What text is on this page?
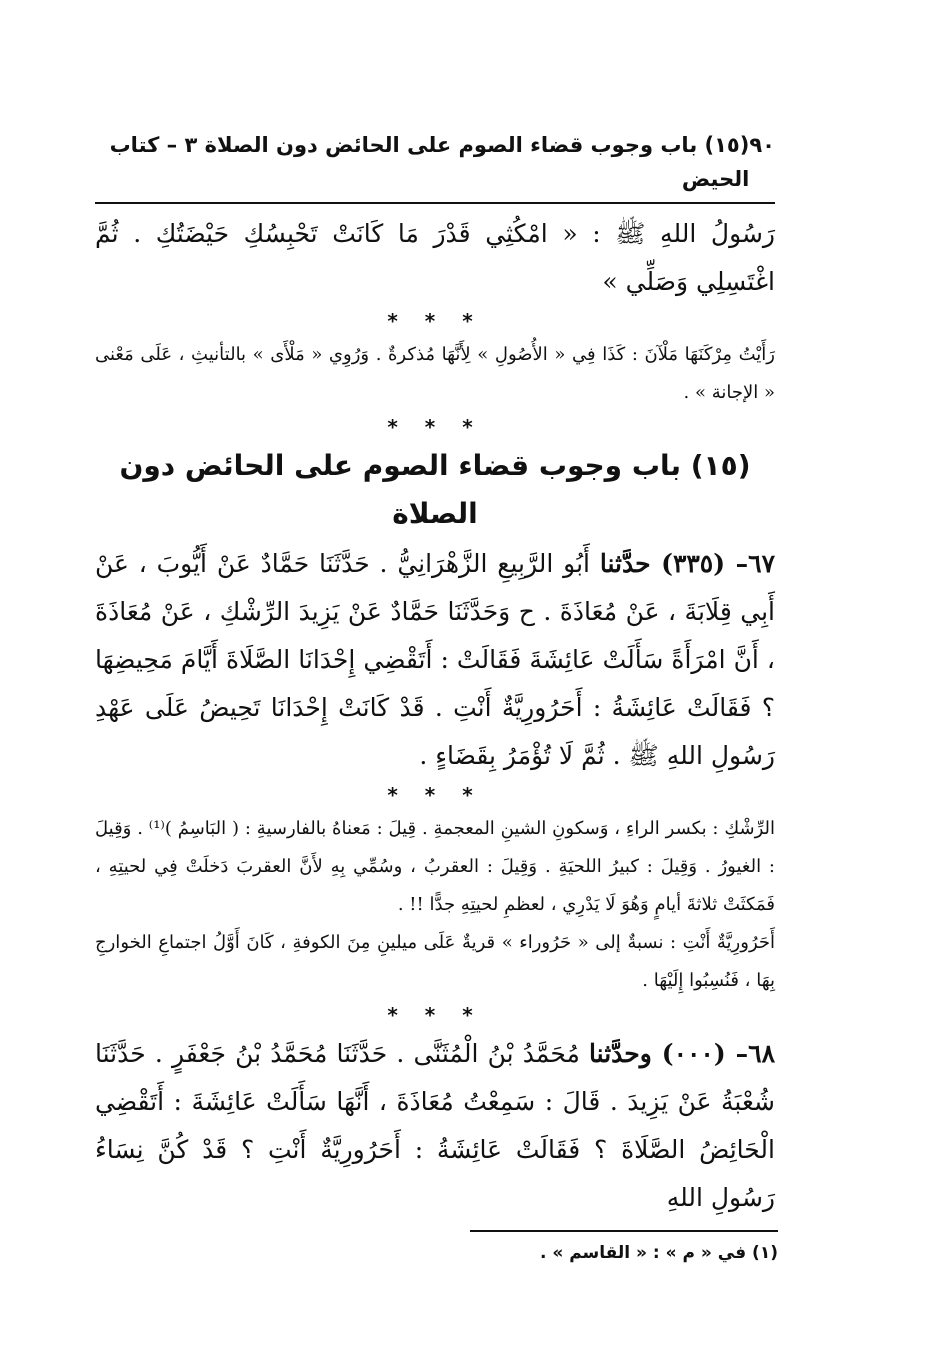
٩٠
(١٥) باب وجوب قضاء الصوم على الحائض دون الصلاة ٣ – كتاب الحيض

رَسُولُ اللهِ ﷺ : « امْكُثِي قَدْرَ مَا كَانَتْ تَحْبِسُكِ حَيْضَتُكِ . ثُمَّ اغْتَسِلِي وَصَلِّي »

* * *

رَأَيْتُ مِرْكَنَهَا مَلْآنَ : كَذَا فِي « الأُصُولِ » لِأَنَّهَا مُذكرةٌ . وَرُوِي « مَلْأَى » بالتأنيثِ ، عَلَى مَعْنى « الإجانة » .

* * *
(١٥) باب وجوب قضاء الصوم على الحائض دون الصلاة

٦٧– (٣٣٥) حدَّثنا أَبُو الرَّبِيعِ الزَّهْرَانِيُّ . حَدَّثَنَا حَمَّادٌ عَنْ أَيُّوبَ ، عَنْ أَبِي قِلَابَةَ ، عَنْ مُعَاذَةَ . ح وَحَدَّثَنَا حَمَّادٌ عَنْ يَزِيدَ الرِّشْكِ ، عَنْ مُعَاذَةَ ، أَنَّ امْرَأَةً سَأَلَتْ عَائِشَةَ فَقَالَتْ : أَتَقْضِي إِحْدَانَا الصَّلَاةَ أَيَّامَ مَحِيضِهَا ؟ فَقَالَتْ عَائِشَةُ : أَحَرُورِيَّةٌ أَنْتِ . قَدْ كَانَتْ إِحْدَانَا تَحِيضُ عَلَى عَهْدِ رَسُولِ اللهِ ﷺ . ثُمَّ لَا تُؤْمَرُ بِقَضَاءٍ .

* * *

الرِّشْكِ : بكسر الراءِ ، وَسكونِ الشينِ المعجمةِ . قِيلَ : مَعناهُ بالفارسيةِ : ( البَاسِمُ )⁽¹⁾ . وَقِيلَ : الغيورُ . وَقِيلَ : كبيرُ اللحيَةِ . وَقِيلَ : العقربُ ، وسُمِّي بِهِ لأَنَّ العقربَ دَخلَتْ فِي لحيتِهِ ، فَمَكثَتْ ثلاثةَ أيامٍ وَهُوَ لَا يَدْرِي ، لعظمِ لحيتِهِ جدًّا !! .

أَحَرُورِيَّةٌ أَنْتِ : نسبةٌ إلى « حَرُوراء » قريةٌ عَلَى ميلينِ مِنَ الكوفةِ ، كَانَ أَوَّلُ اجتماعِ الخوارجِ بِهَا ، فَنُسِبُوا إِلَيْهَا .

* * *

٦٨– (٠٠٠) وحدَّثنا مُحَمَّدُ بْنُ الْمُثَنَّى . حَدَّثَنَا مُحَمَّدُ بْنُ جَعْفَرٍ . حَدَّثَنَا شُعْبَةُ عَنْ يَزِيدَ . قَالَ : سَمِعْتُ مُعَاذَةَ ، أَنَّهَا سَأَلَتْ عَائِشَةَ : أَتَقْضِي الْحَائِضُ الصَّلَاةَ ؟ فَقَالَتْ عَائِشَةُ : أَحَرُورِيَّةٌ أَنْتِ ؟ قَدْ كُنَّ نِسَاءُ رَسُولِ اللهِ

(١) في « م » : « القاسم » .
